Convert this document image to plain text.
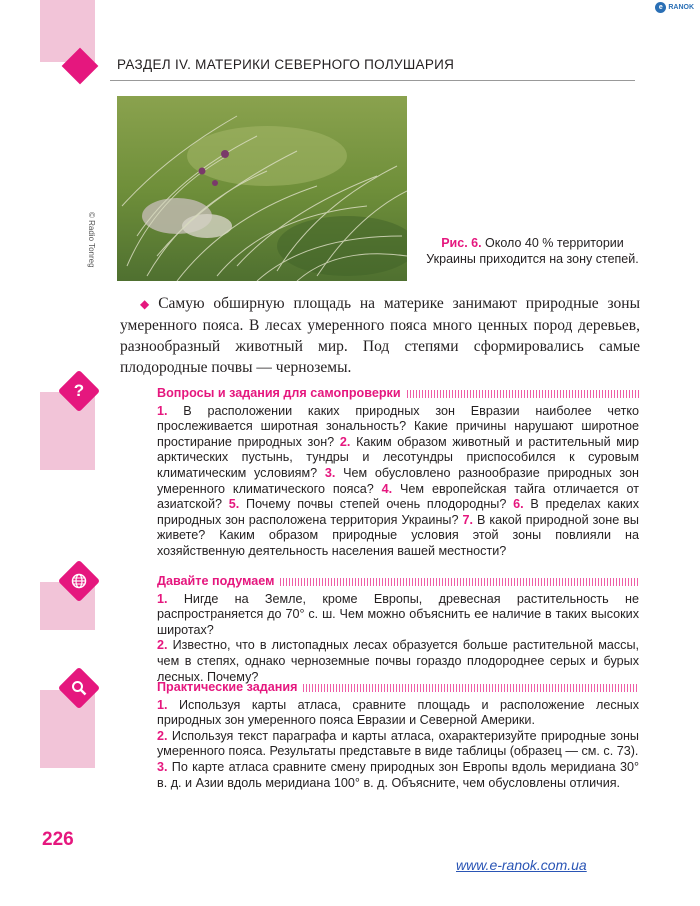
e RANOK
?
РАЗДЕЛ IV. МАТЕРИКИ СЕВЕРНОГО ПОЛУШАРИЯ
© Radio Tonreg	Рис. 6. Около 40 % территории Украины приходится на зону степей.
◆ Самую обширную площадь на материке занимают природные зоны умеренного пояса. В лесах умеренного пояса много ценных пород деревьев, разнообразный животный мир. Под степями сформировались самые плодородные почвы — черноземы.
Вопросы и задания для самопроверки
1. В расположении каких природных зон Евразии наиболее четко прослеживается широтная зональность? Какие причины нарушают широтное простирание природных зон? 2. Каким образом животный и растительный мир арктических пустынь, тундры и лесотундры приспособился к суровым климатическим условиям? 3. Чем обусловлено разнообразие природных зон умеренного климатического пояса? 4. Чем европейская тайга отличается от азиатской? 5. Почему почвы степей очень плодородны? 6. В пределах каких природных зон расположена территория Украины? 7. В какой природной зоне вы живете? Каким образом природные условия этой зоны повлияли на хозяйственную деятельность населения вашей местности?
Давайте подумаем
1. Нигде на Земле, кроме Европы, древесная растительность не распространяется до 70° с. ш. Чем можно объяснить ее наличие в таких высоких широтах?
2. Известно, что в листопадных лесах образуется больше растительной массы, чем в степях, однако черноземные почвы гораздо плодороднее серых и бурых лесных. Почему?
Практические задания
1. Используя карты атласа, сравните площадь и расположение лесных природных зон умеренного пояса Евразии и Северной Америки.
2. Используя текст параграфа и карты атласа, охарактеризуйте природные зоны умеренного пояса. Результаты представьте в виде таблицы (образец — см. с. 73).
3. По карте атласа сравните смену природных зон Европы вдоль меридиана 30° в. д. и Азии вдоль меридиана 100° в. д. Объясните, чем обусловлены отличия.
226
www.e-ranok.com.ua
